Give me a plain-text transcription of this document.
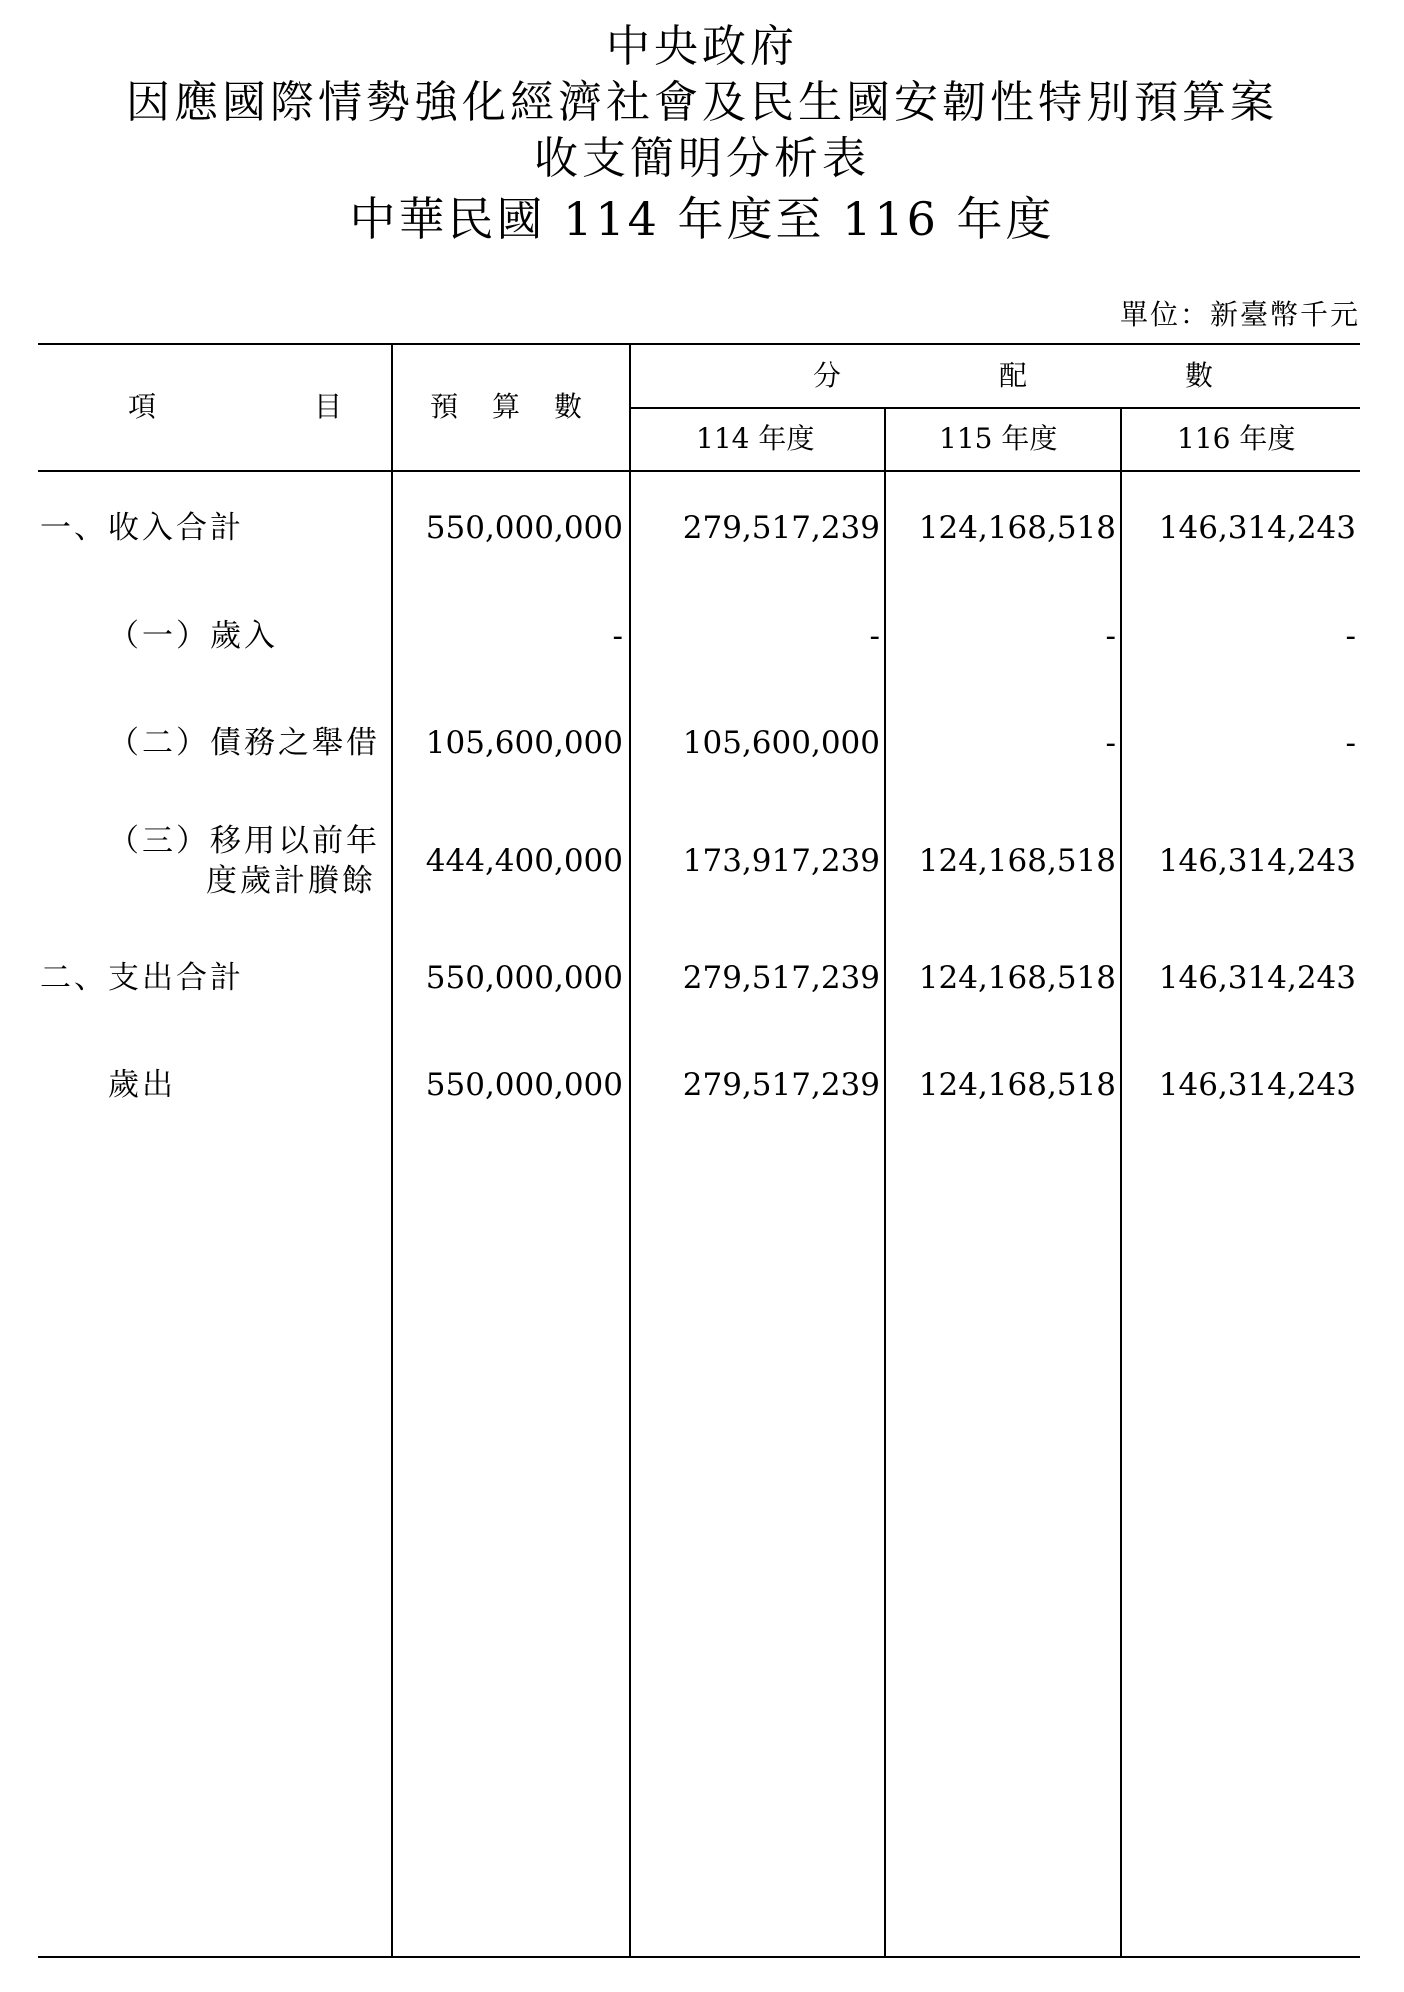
中央政府
因應國際情勢強化經濟社會及民生國安韌性特別預算案
收支簡明分析表
中華民國 114 年度至 116 年度
單位：新臺幣千元
項　　　　　目	預　算　數
分　　　　　配　　　　　數
114 年度	115 年度	116 年度
一、收入合計	550,000,000	279,517,239	124,168,518	146,314,243
（一）歲入	-	-	-	-
（二）債務之舉借	105,600,000	105,600,000	-	-
（三）移用以前年
度歲計賸餘
444,400,000	173,917,239	124,168,518	146,314,243
二、支出合計	550,000,000	279,517,239	124,168,518	146,314,243
歲出	550,000,000	279,517,239	124,168,518	146,314,243
